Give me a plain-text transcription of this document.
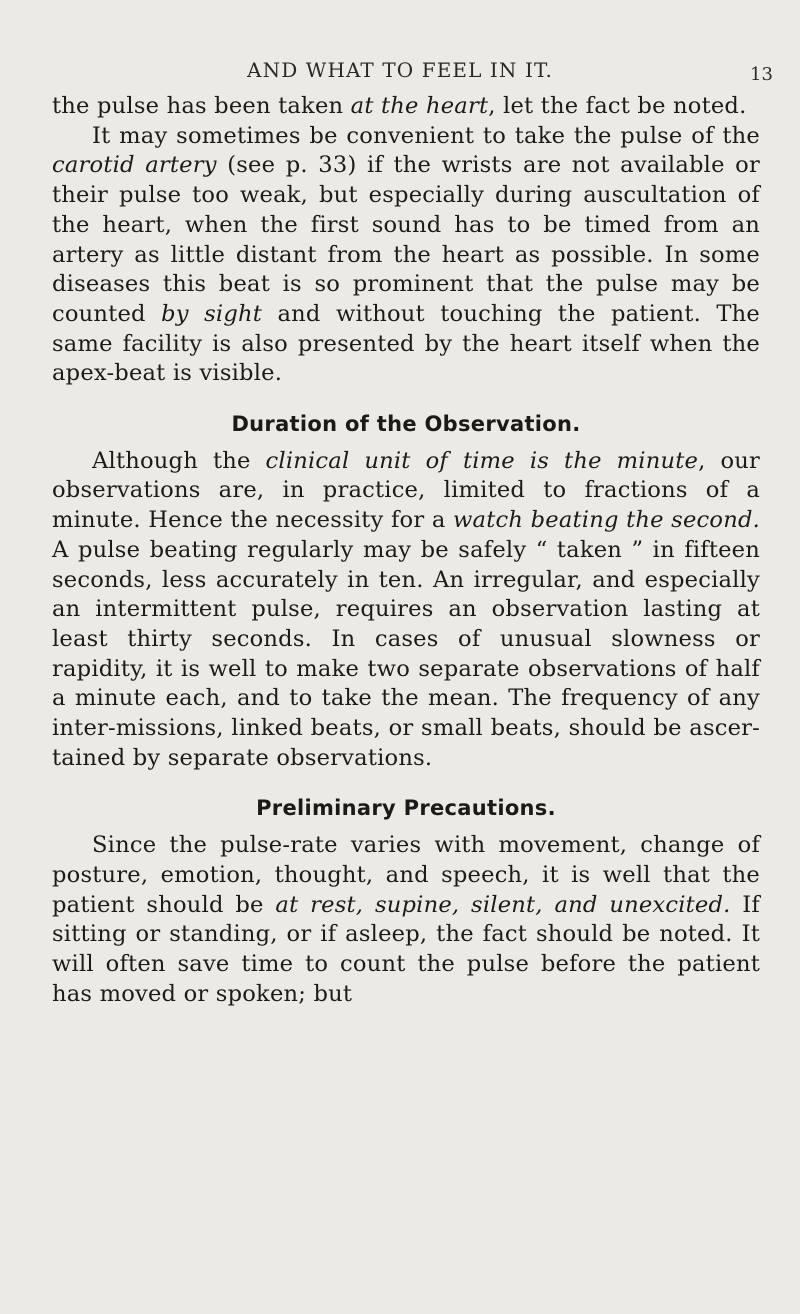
AND WHAT TO FEEL IN IT.	13

the pulse has been taken at the heart, let the fact be noted.

It may sometimes be convenient to take the pulse of the carotid artery (see p. 33) if the wrists are not available or their pulse too weak, but especially during auscultation of the heart, when the first sound has to be timed from an artery as little distant from the heart as possible. In some diseases this beat is so prominent that the pulse may be counted by sight and without touching the patient. The same facility is also presented by the heart itself when the apex-beat is visible.

Duration of the Observation.

Although the clinical unit of time is the minute, our observations are, in practice, limited to fractions of a minute. Hence the necessity for a watch beating the second. A pulse beating regularly may be safely “ taken ” in fifteen seconds, less accurately in ten. An irregular, and especially an intermittent pulse, requires an observation lasting at least thirty seconds. In cases of unusual slowness or rapidity, it is well to make two separate observations of half a minute each, and to take the mean. The frequency of any inter-missions, linked beats, or small beats, should be ascer-tained by separate observations.

Preliminary Precautions.

Since the pulse-rate varies with movement, change of posture, emotion, thought, and speech, it is well that the patient should be at rest, supine, silent, and unexcited. If sitting or standing, or if asleep, the fact should be noted. It will often save time to count the pulse before the patient has moved or spoken; but
